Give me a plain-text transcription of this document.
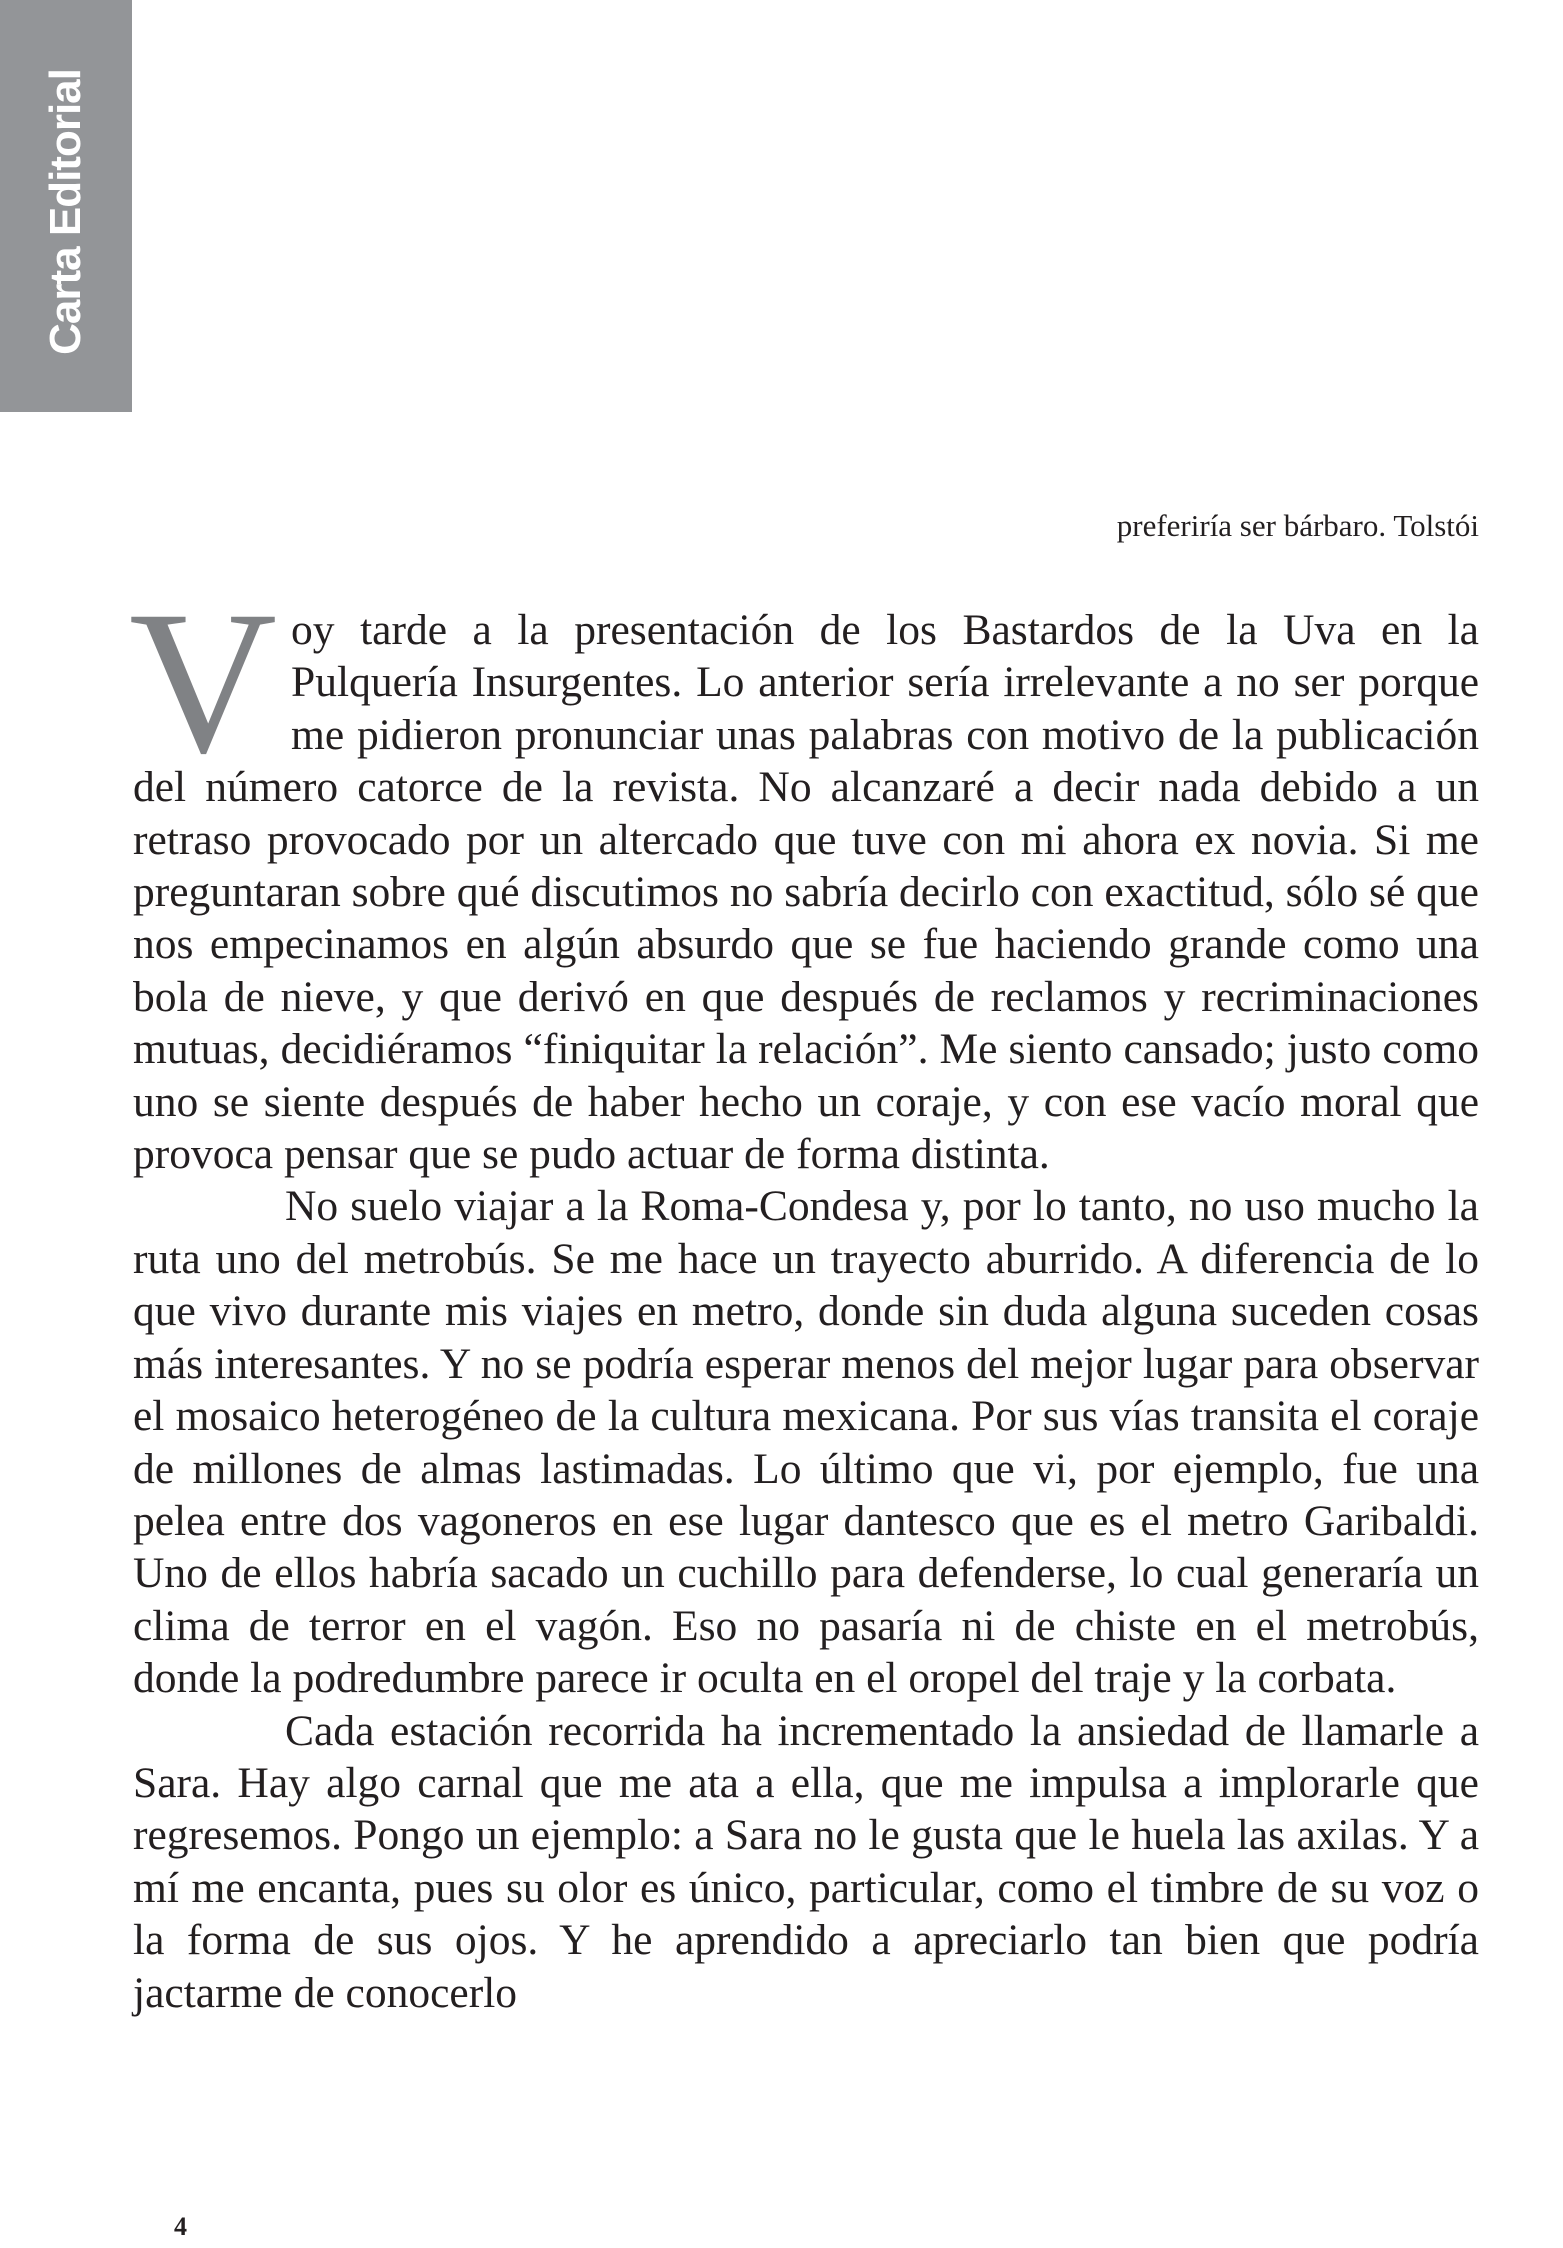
Carta Editorial
preferiría ser bárbaro. Tolstói

Voy tarde a la presentación de los Bastardos de la Uva en la Pulquería Insurgentes. Lo anterior sería irrelevante a no ser porque me pidieron pronunciar unas palabras con motivo de la publicación del número catorce de la revista. No alcanzaré a decir nada debido a un retraso provocado por un altercado que tuve con mi ahora ex novia. Si me preguntaran sobre qué discutimos no sabría decirlo con exactitud, sólo sé que nos empecinamos en algún absurdo que se fue haciendo grande como una bola de nieve, y que derivó en que después de reclamos y recriminaciones mutuas, decidiéramos “finiquitar la relación”. Me siento cansado; justo como uno se siente después de haber hecho un coraje, y con ese vacío moral que provoca pensar que se pudo actuar de forma distinta.

No suelo viajar a la Roma-Condesa y, por lo tanto, no uso mucho la ruta uno del metrobús. Se me hace un trayecto aburrido. A diferencia de lo que vivo durante mis viajes en metro, donde sin duda alguna suceden cosas más interesantes. Y no se podría esperar menos del mejor lugar para observar el mosaico heterogéneo de la cultura mexicana. Por sus vías transita el coraje de millones de almas lastimadas. Lo último que vi, por ejemplo, fue una pelea entre dos vagoneros en ese lugar dantesco que es el metro Garibaldi. Uno de ellos habría sacado un cuchillo para defenderse, lo cual generaría un clima de terror en el vagón. Eso no pasaría ni de chiste en el metrobús, donde la podredumbre parece ir oculta en el oropel del traje y la corbata.

Cada estación recorrida ha incrementado la ansiedad de llamarle a Sara. Hay algo carnal que me ata a ella, que me impulsa a implorarle que regresemos. Pongo un ejemplo: a Sara no le gusta que le huela las axilas. Y a mí me encanta, pues su olor es único, particular, como el timbre de su voz o la forma de sus ojos. Y he aprendido a apreciarlo tan bien que podría jactarme de conocerlo

4
